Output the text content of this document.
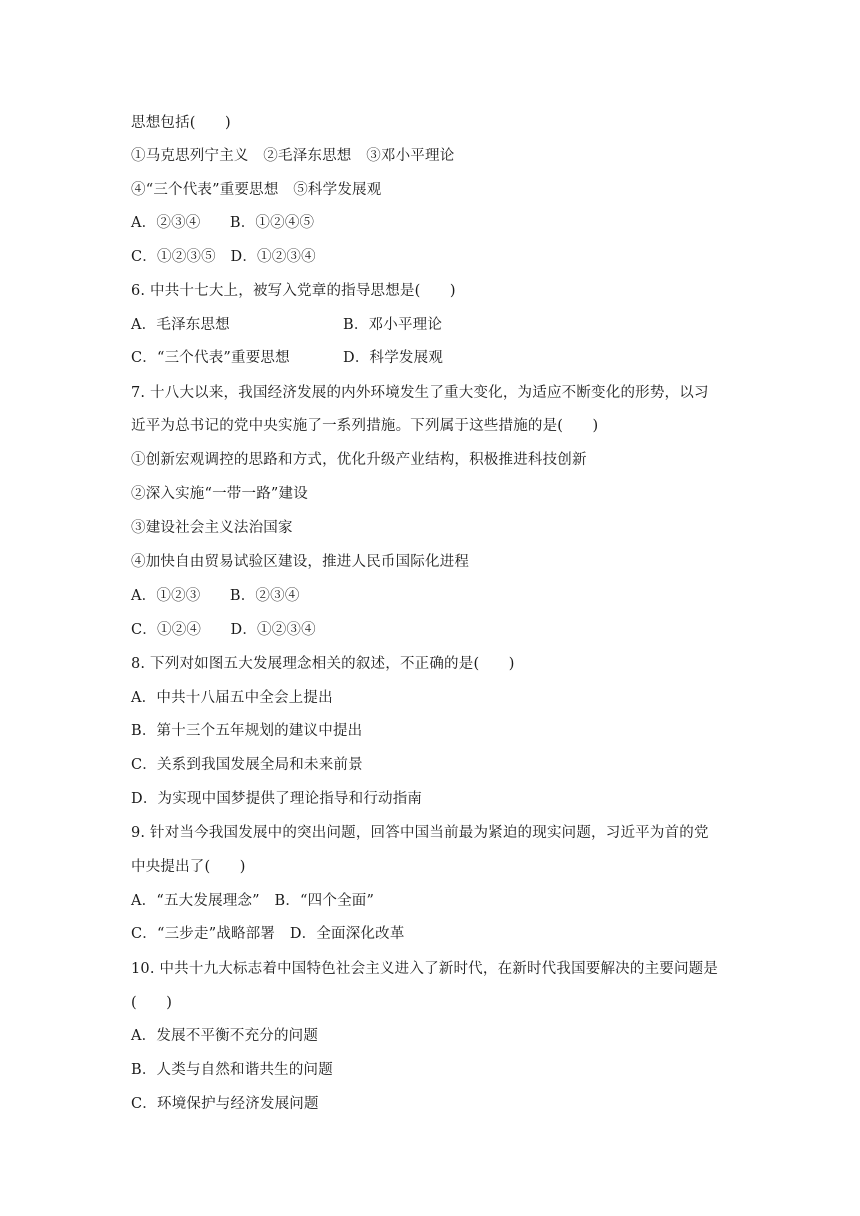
思想包括(　　)
①马克思列宁主义　②毛泽东思想　③邓小平理论
④“三个代表”重要思想　⑤科学发展观
A．②③④　　B．①②④⑤
C．①②③⑤　D．①②③④
6. 中共十七大上，被写入党章的指导思想是(　　)
A．毛泽东思想	B．邓小平理论
C．“三个代表”重要思想	D．科学发展观
7. 十八大以来，我国经济发展的内外环境发生了重大变化，为适应不断变化的形势，以习
近平为总书记的党中央实施了一系列措施。下列属于这些措施的是(　　)
①创新宏观调控的思路和方式，优化升级产业结构，积极推进科技创新
②深入实施“一带一路”建设
③建设社会主义法治国家
④加快自由贸易试验区建设，推进人民币国际化进程
A．①②③　　B．②③④
C．①②④　　D．①②③④
8. 下列对如图五大发展理念相关的叙述，不正确的是(　　)
A．中共十八届五中全会上提出
B．第十三个五年规划的建议中提出
C．关系到我国发展全局和未来前景
D．为实现中国梦提供了理论指导和行动指南
9. 针对当今我国发展中的突出问题，回答中国当前最为紧迫的现实问题，习近平为首的党
中央提出了(　　)
A．“五大发展理念”　B．“四个全面”
C．“三步走”战略部署　D．全面深化改革
10. 中共十九大标志着中国特色社会主义进入了新时代，在新时代我国要解决的主要问题是
(　　)
A．发展不平衡不充分的问题
B．人类与自然和谐共生的问题
C．环境保护与经济发展问题
